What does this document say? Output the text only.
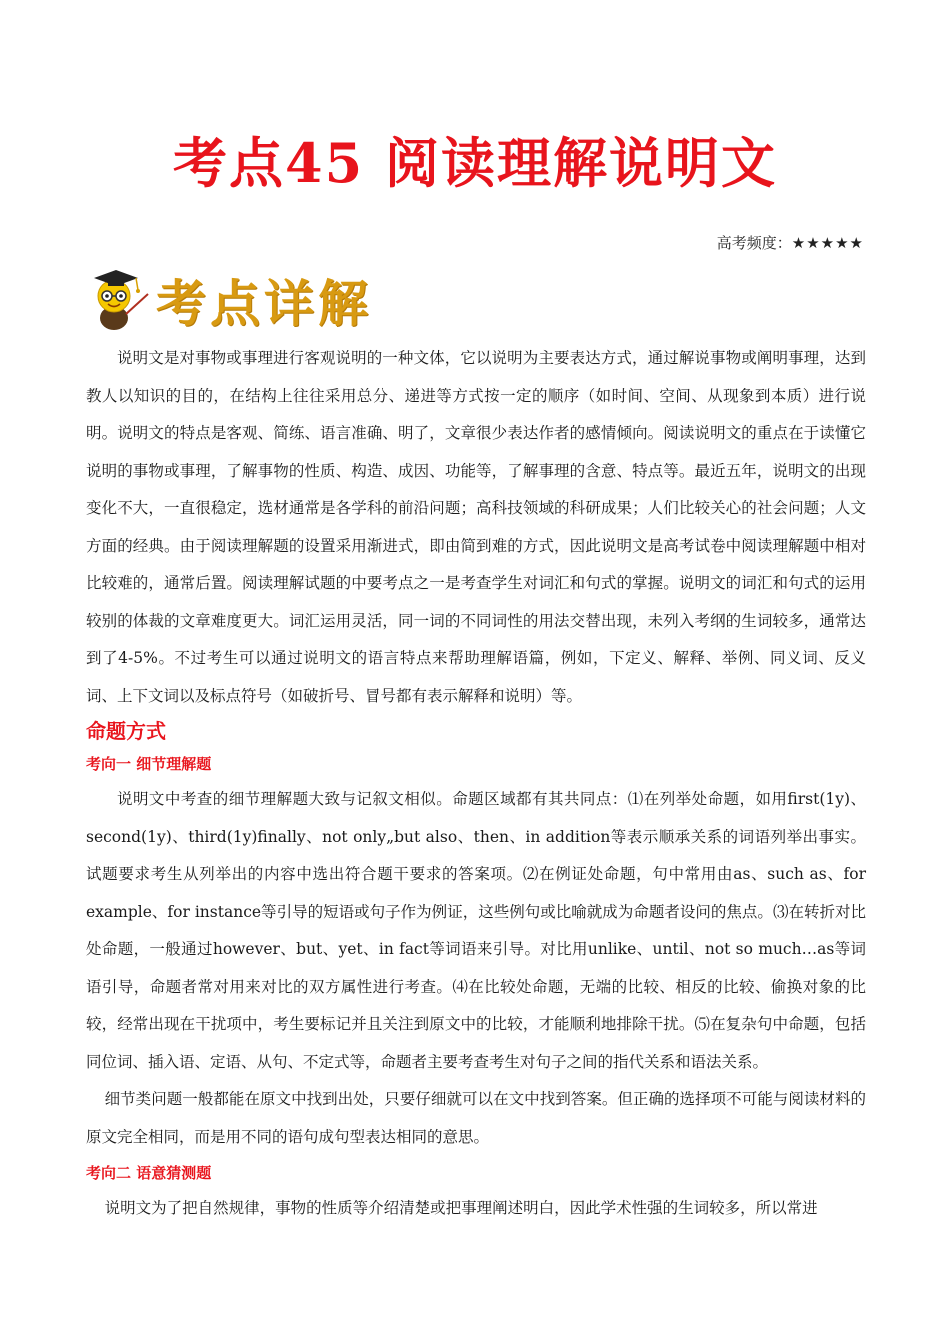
考点45 阅读理解说明文
高考频度：★★★★★
考点详解

说明文是对事物或事理进行客观说明的一种文体，它以说明为主要表达方式，通过解说事物或阐明事理，达到教人以知识的目的，在结构上往往采用总分、递进等方式按一定的顺序（如时间、空间、从现象到本质）进行说明。说明文的特点是客观、简练、语言准确、明了，文章很少表达作者的感情倾向。阅读说明文的重点在于读懂它说明的事物或事理，了解事物的性质、构造、成因、功能等，了解事理的含意、特点等。最近五年，说明文的出现变化不大，一直很稳定，选材通常是各学科的前沿问题；高科技领域的科研成果；人们比较关心的社会问题；人文方面的经典。由于阅读理解题的设置采用渐进式，即由简到难的方式，因此说明文是高考试卷中阅读理解题中相对比较难的，通常后置。阅读理解试题的中要考点之一是考查学生对词汇和句式的掌握。说明文的词汇和句式的运用较别的体裁的文章难度更大。词汇运用灵活，同一词的不同词性的用法交替出现，未列入考纲的生词较多，通常达到了4-5%。不过考生可以通过说明文的语言特点来帮助理解语篇，例如，下定义、解释、举例、同义词、反义词、上下文词以及标点符号（如破折号、冒号都有表示解释和说明）等。

命题方式
考向一 细节理解题

说明文中考查的细节理解题大致与记叙文相似。命题区域都有其共同点：⑴在列举处命题，如用first(1y)、second(1y)、third(1y)finally、not only„but also、then、in addition等表示顺承关系的词语列举出事实。试题要求考生从列举出的内容中选出符合题干要求的答案项。⑵在例证处命题，句中常用由as、such as、for example、for instance等引导的短语或句子作为例证，这些例句或比喻就成为命题者设问的焦点。⑶在转折对比处命题，一般通过however、but、yet、in fact等词语来引导。对比用unlike、until、not so much…as等词语引导，命题者常对用来对比的双方属性进行考查。⑷在比较处命题，无端的比较、相反的比较、偷换对象的比较，经常出现在干扰项中，考生要标记并且关注到原文中的比较，才能顺利地排除干扰。⑸在复杂句中命题，包括同位词、插入语、定语、从句、不定式等，命题者主要考查考生对句子之间的指代关系和语法关系。

细节类问题一般都能在原文中找到出处，只要仔细就可以在文中找到答案。但正确的选择项不可能与阅读材料的原文完全相同，而是用不同的语句成句型表达相同的意思。

考向二 语意猜测题

说明文为了把自然规律，事物的性质等介绍清楚或把事理阐述明白，因此学术性强的生词较多，所以常进
